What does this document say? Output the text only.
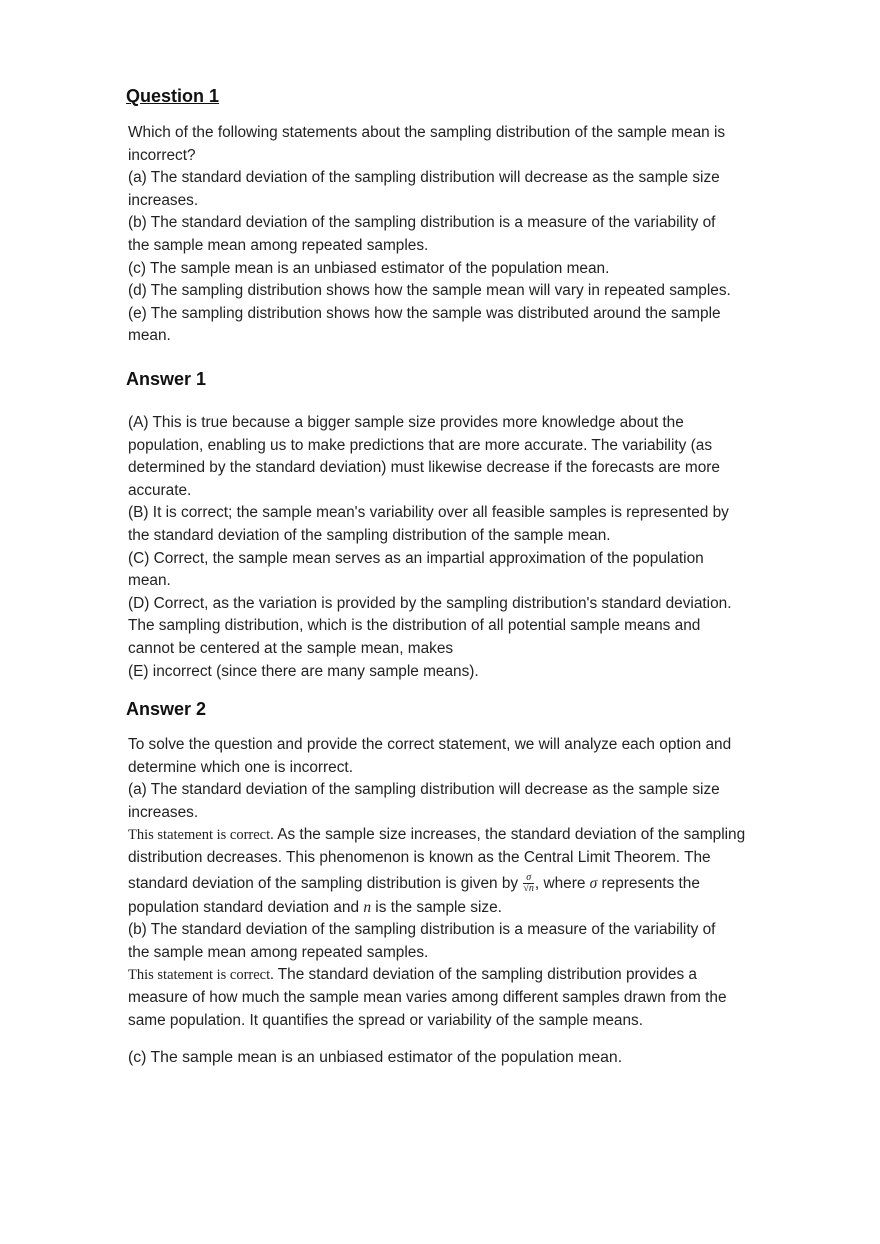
Question 1
Which of the following statements about the sampling distribution of the sample mean is
incorrect?
(a) The standard deviation of the sampling distribution will decrease as the sample size
increases.
(b) The standard deviation of the sampling distribution is a measure of the variability of
the sample mean among repeated samples.
(c) The sample mean is an unbiased estimator of the population mean.
(d) The sampling distribution shows how the sample mean will vary in repeated samples.
(e) The sampling distribution shows how the sample was distributed around the sample
mean.
Answer 1
(A) This is true because a bigger sample size provides more knowledge about the
population, enabling us to make predictions that are more accurate. The variability (as
determined by the standard deviation) must likewise decrease if the forecasts are more
accurate.
(B) It is correct; the sample mean's variability over all feasible samples is represented by
the standard deviation of the sampling distribution of the sample mean.
(C) Correct, the sample mean serves as an impartial approximation of the population
mean.
(D) Correct, as the variation is provided by the sampling distribution's standard deviation.
The sampling distribution, which is the distribution of all potential sample means and
cannot be centered at the sample mean, makes
(E) incorrect (since there are many sample means).
Answer 2
To solve the question and provide the correct statement, we will analyze each option and
determine which one is incorrect.
(a) The standard deviation of the sampling distribution will decrease as the sample size
increases.
This statement is correct. As the sample size increases, the standard deviation of the sampling
distribution decreases. This phenomenon is known as the Central Limit Theorem. The
standard deviation of the sampling distribution is given by $\frac{\sigma}{√n}$ , where σ represents the
population standard deviation and n is the sample size.
(b) The standard deviation of the sampling distribution is a measure of the variability of
the sample mean among repeated samples.
This statement is correct. The standard deviation of the sampling distribution provides a
measure of how much the sample mean varies among different samples drawn from the
same population. It quantifies the spread or variability of the sample means.
(c) The sample mean is an unbiased estimator of the population mean.
